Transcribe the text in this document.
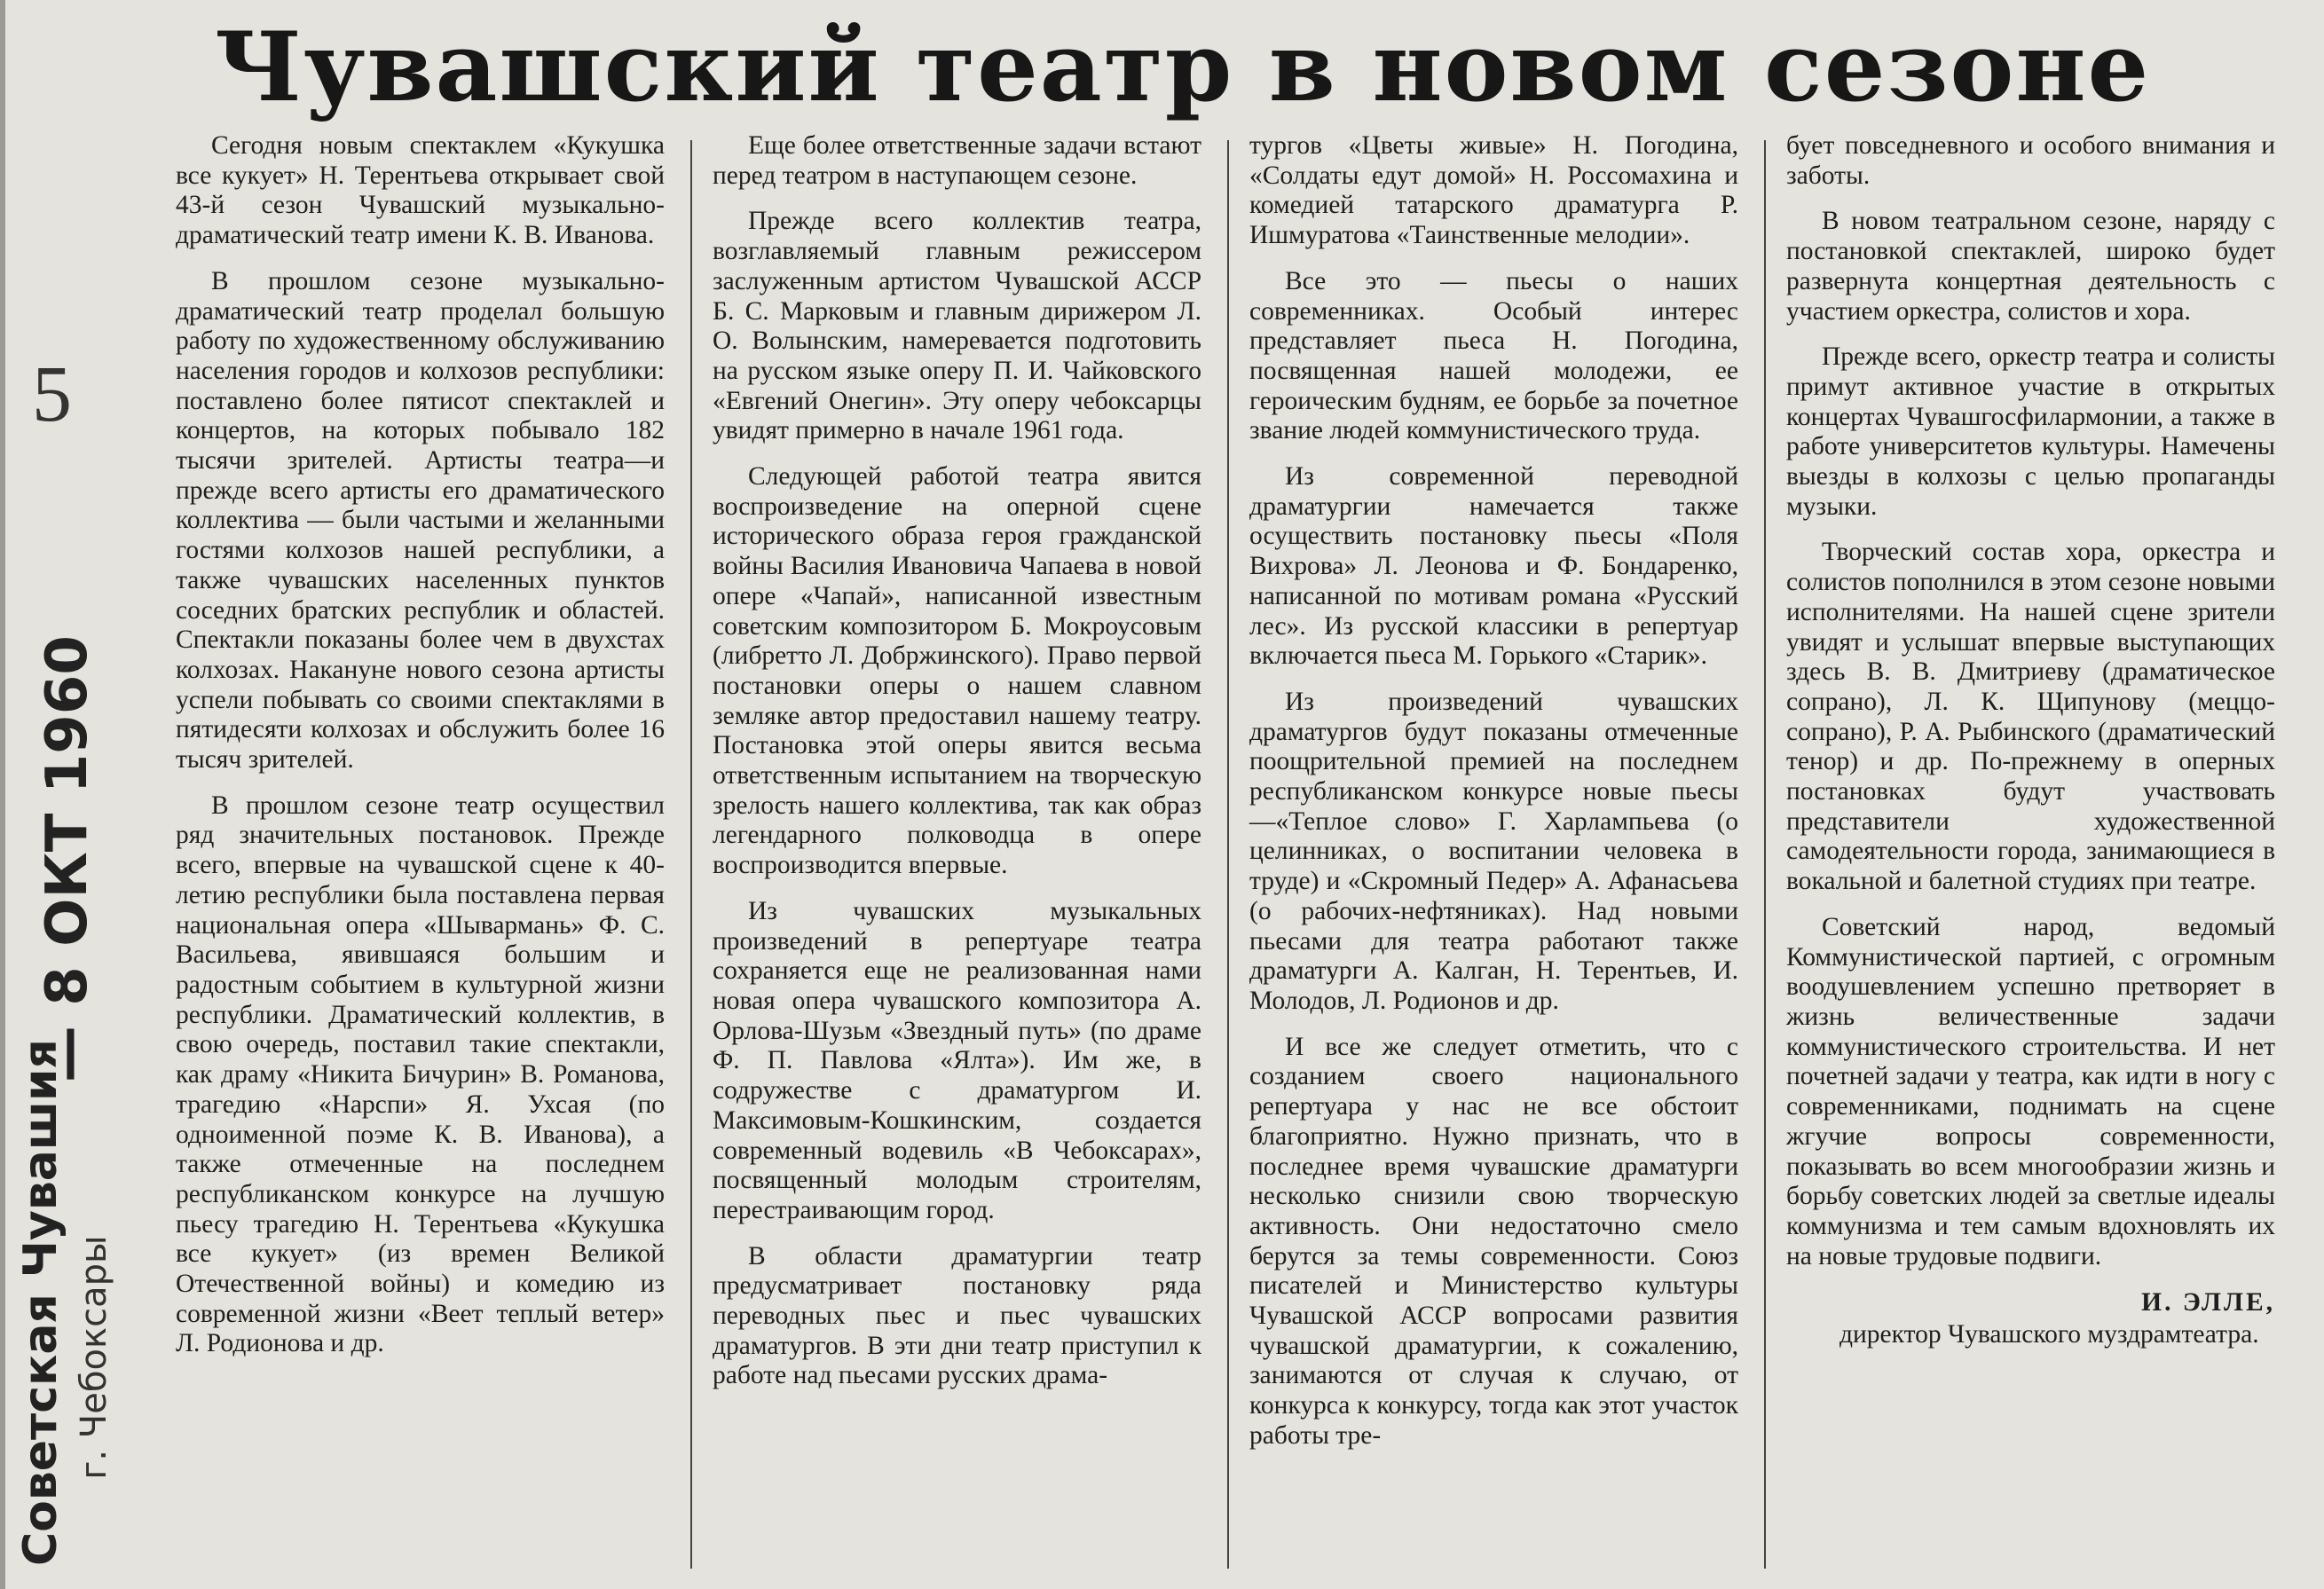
Чувашский театр в новом сезоне
5
— 8 ОКТ 1960
Советская Чувашия г. Чебоксары

Сегодня новым спектаклем «Кукушка все кукует» Н. Терентьева открывает свой 43-й сезон Чувашский музыкально-драматический театр имени К. В. Иванова.

В прошлом сезоне музыкально-драматический театр проделал большую работу по художественному обслуживанию населения городов и колхозов республики: поставлено более пятисот спектаклей и концертов, на которых побывало 182 тысячи зрителей. Артисты театра—и прежде всего артисты его драматического коллектива — были частыми и желанными гостями колхозов нашей республики, а также чувашских населенных пунктов соседних братских республик и областей. Спектакли показаны более чем в двухстах колхозах. Накануне нового сезона артисты успели побывать со своими спектаклями в пятидесяти колхозах и обслужить более 16 тысяч зрителей.

В прошлом сезоне театр осуществил ряд значительных постановок. Прежде всего, впервые на чувашской сцене к 40-летию республики была поставлена первая национальная опера «Шывармань» Ф. С. Васильева, явившаяся большим и радостным событием в культурной жизни республики. Драматический коллектив, в свою очередь, поставил такие спектакли, как драму «Никита Бичурин» В. Романова, трагедию «Нарспи» Я. Ухсая (по одноименной поэме К. В. Иванова), а также отмеченные на последнем республиканском конкурсе на лучшую пьесу трагедию Н. Терентьева «Кукушка все кукует» (из времен Великой Отечественной войны) и комедию из современной жизни «Веет теплый ветер» Л. Родионова и др.

Еще более ответственные задачи встают перед театром в наступающем сезоне.

Прежде всего коллектив театра, возглавляемый главным режиссером заслуженным артистом Чувашской АССР Б. С. Марковым и главным дирижером Л. О. Волынским, намеревается подготовить на русском языке оперу П. И. Чайковского «Евгений Онегин». Эту оперу чебоксарцы увидят примерно в начале 1961 года.

Следующей работой театра явится воспроизведение на оперной сцене исторического образа героя гражданской войны Василия Ивановича Чапаева в новой опере «Чапай», написанной известным советским композитором Б. Мокроусовым (либретто Л. Добржинского). Право первой постановки оперы о нашем славном земляке автор предоставил нашему театру. Постановка этой оперы явится весьма ответственным испытанием на творческую зрелость нашего коллектива, так как образ легендарного полководца в опере воспроизводится впервые.

Из чувашских музыкальных произведений в репертуаре театра сохраняется еще не реализованная нами новая опера чувашского композитора А. Орлова-Шузьм «Звездный путь» (по драме Ф. П. Павлова «Ялта»). Им же, в содружестве с драматургом И. Максимовым-Кошкинским, создается современный водевиль «В Чебоксарах», посвященный молодым строителям, перестраивающим город.

В области драматургии театр предусматривает постановку ряда переводных пьес и пьес чувашских драматургов. В эти дни театр приступил к работе над пьесами русских драма-

тургов «Цветы живые» Н. Погодина, «Солдаты едут домой» Н. Россомахина и комедией татарского драматурга Р. Ишмуратова «Таинственные мелодии».

Все это — пьесы о наших современниках. Особый интерес представляет пьеса Н. Погодина, посвященная нашей молодежи, ее героическим будням, ее борьбе за почетное звание людей коммунистического труда.

Из современной переводной драматургии намечается также осуществить постановку пьесы «Поля Вихрова» Л. Леонова и Ф. Бондаренко, написанной по мотивам романа «Русский лес». Из русской классики в репертуар включается пьеса М. Горького «Старик».

Из произведений чувашских драматургов будут показаны отмеченные поощрительной премией на последнем республиканском конкурсе новые пьесы—«Теплое слово» Г. Харлампьева (о целинниках, о воспитании человека в труде) и «Скромный Педер» А. Афанасьева (о рабочих-нефтяниках). Над новыми пьесами для театра работают также драматурги А. Калган, Н. Терентьев, И. Молодов, Л. Родионов и др.

И все же следует отметить, что с созданием своего национального репертуара у нас не все обстоит благоприятно. Нужно признать, что в последнее время чувашские драматурги несколько снизили свою творческую активность. Они недостаточно смело берутся за темы современности. Союз писателей и Министерство культуры Чувашской АССР вопросами развития чувашской драматургии, к сожалению, занимаются от случая к случаю, от конкурса к конкурсу, тогда как этот участок работы тре-

бует повседневного и особого внимания и заботы.

В новом театральном сезоне, наряду с постановкой спектаклей, широко будет развернута концертная деятельность с участием оркестра, солистов и хора.

Прежде всего, оркестр театра и солисты примут активное участие в открытых концертах Чувашгосфилармонии, а также в работе университетов культуры. Намечены выезды в колхозы с целью пропаганды музыки.

Творческий состав хора, оркестра и солистов пополнился в этом сезоне новыми исполнителями. На нашей сцене зрители увидят и услышат впервые выступающих здесь В. В. Дмитриеву (драматическое сопрано), Л. К. Щипунову (меццо-сопрано), Р. А. Рыбинского (драматический тенор) и др. По-прежнему в оперных постановках будут участвовать представители художественной самодеятельности города, занимающиеся в вокальной и балетной студиях при театре.

Советский народ, ведомый Коммунистической партией, с огромным воодушевлением успешно претворяет в жизнь величественные задачи коммунистического строительства. И нет почетней задачи у театра, как идти в ногу с современниками, поднимать на сцене жгучие вопросы современности, показывать во всем многообразии жизнь и борьбу советских людей за светлые идеалы коммунизма и тем самым вдохновлять их на новые трудовые подвиги.

И. ЭЛЛЕ,

директор Чувашского муздрамтеатра.
